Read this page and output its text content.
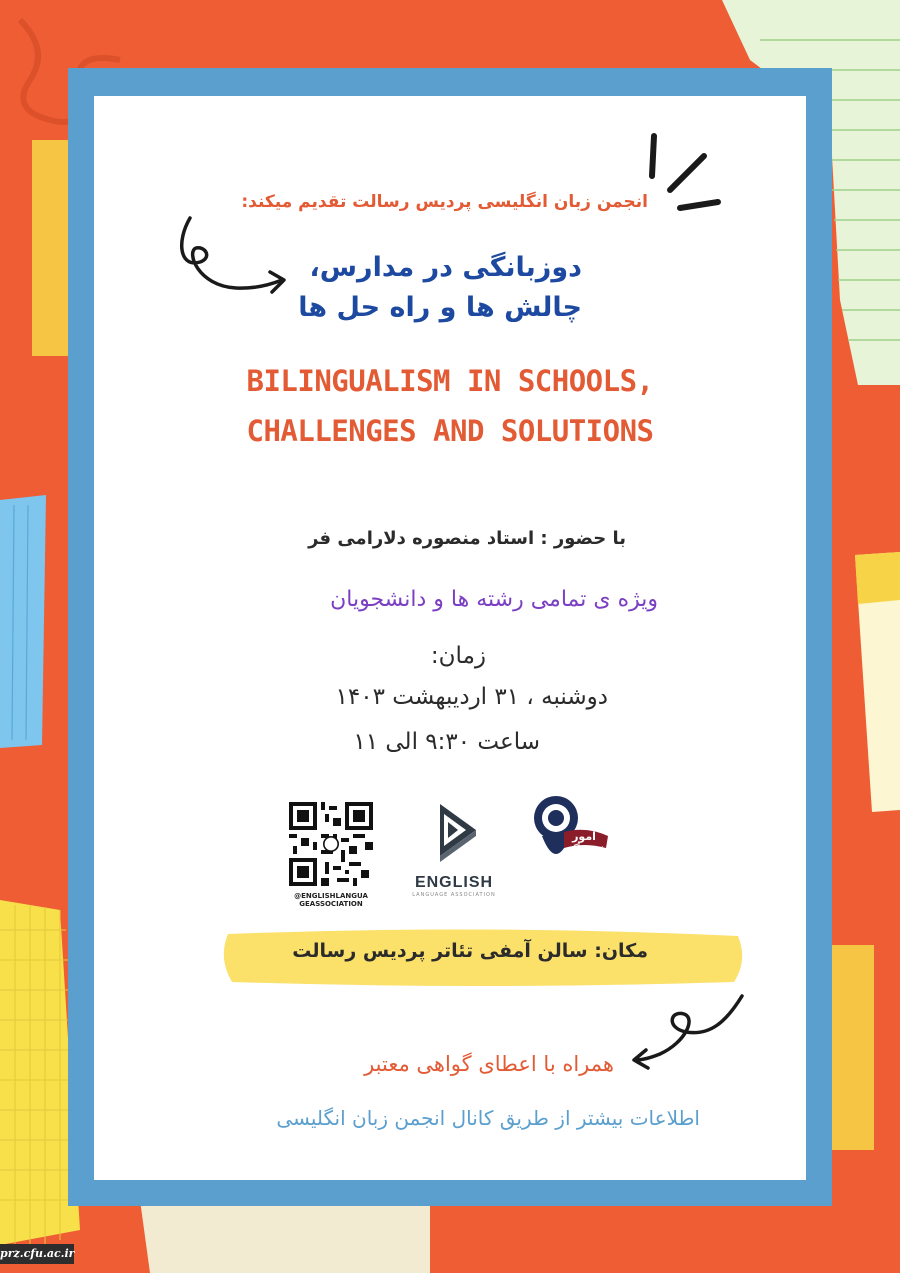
انجمن زبان انگلیسی پردیس رسالت تقدیم میکند:
دوزبانگی در مدارس،
چالش ها و راه حل ها
BILINGUALISM IN SCHOOLS,
CHALLENGES AND SOLUTIONS
با حضور : استاد منصوره دلارامی فر
ویژه ی تمامی رشته ها و دانشجویان
زمان:
دوشنبه ، ۳۱ اردیبهشت ۱۴۰۳
ساعت ۹:۳۰ الی ۱۱
@ENGLISHLANGUA
GEASSOCIATION
ENGLISH
LANGUAGE ASSOCIATION
امور فرهنگی
مکان: سالن آمفی تئاتر پردیس رسالت
همراه با اعطای گواهی معتبر
اطلاعات بیشتر از طریق کانال انجمن زبان انگلیسی
prz.cfu.ac.ir
